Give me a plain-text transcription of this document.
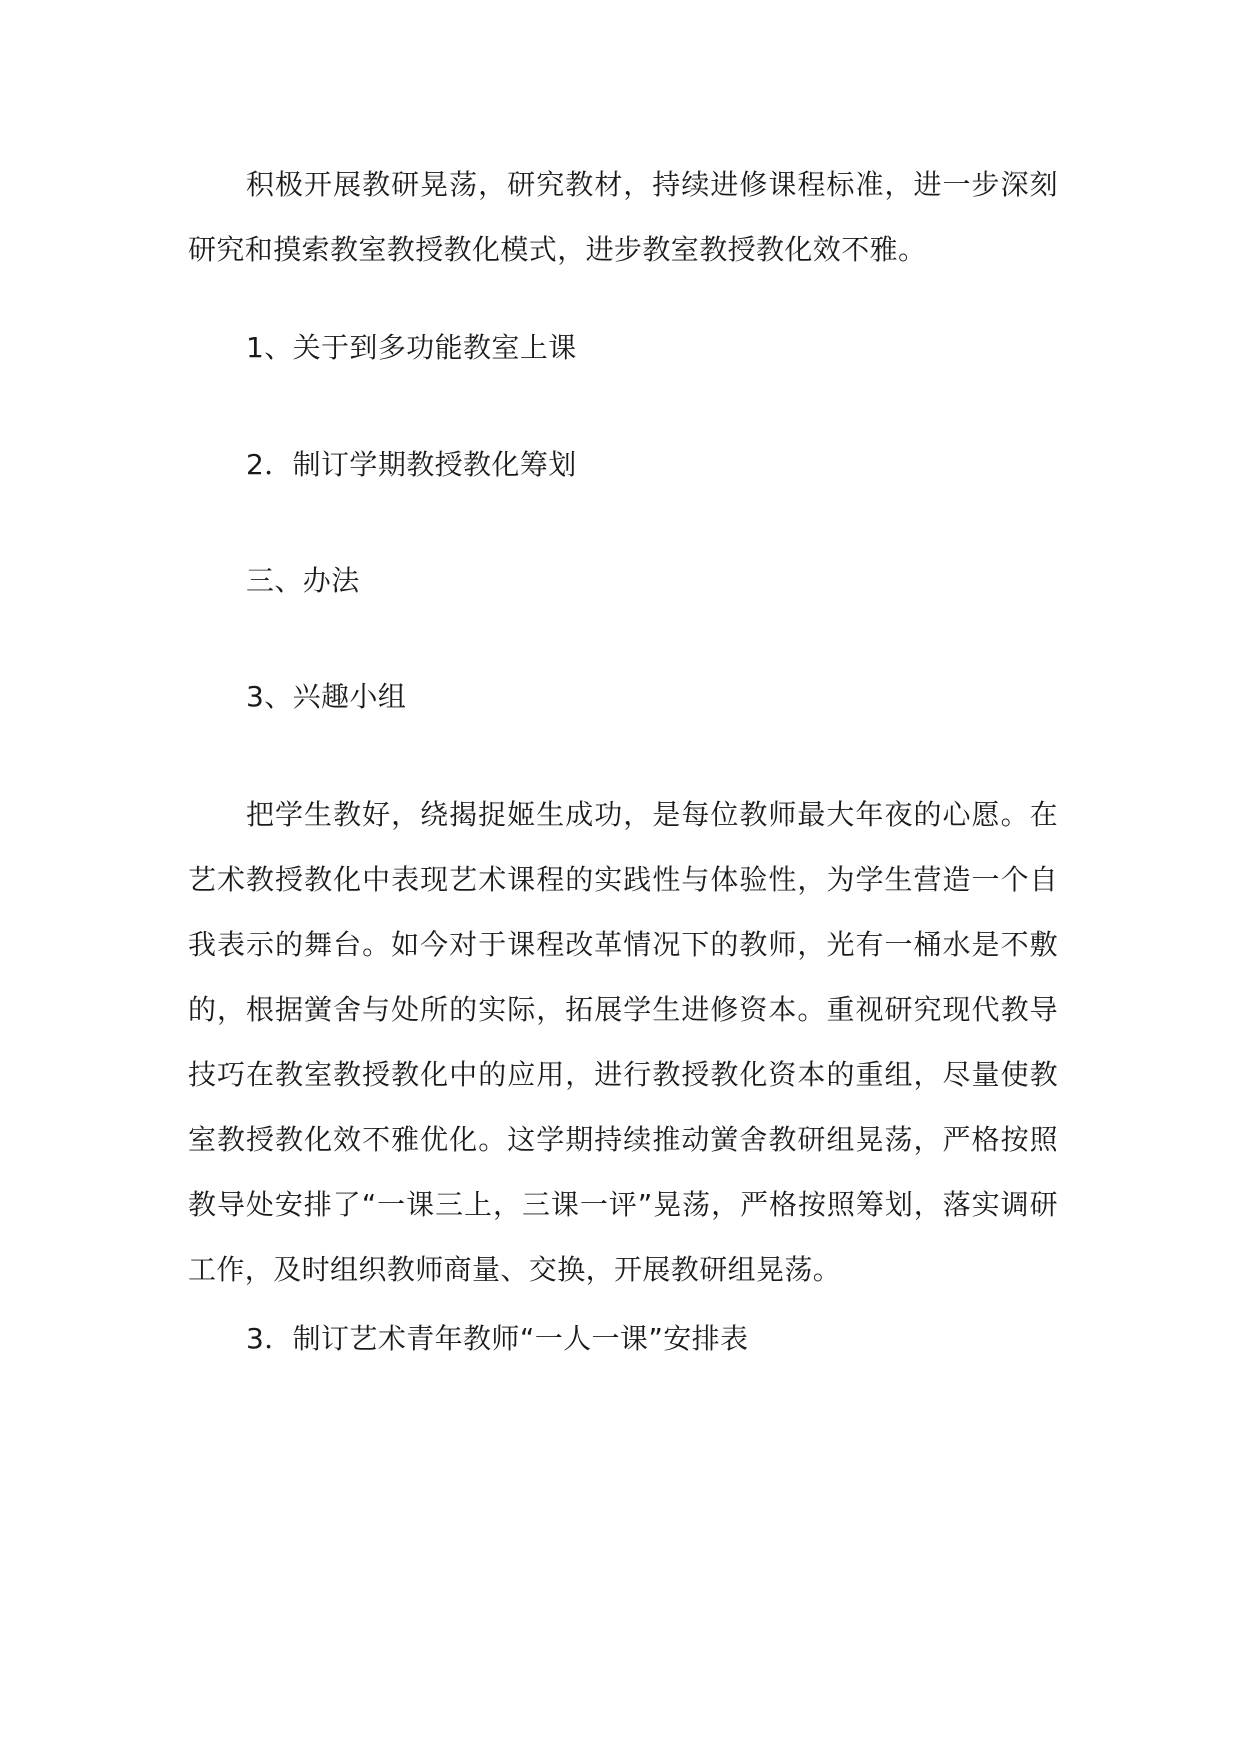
积极开展教研晃荡，研究教材，持续进修课程标准，进一步深刻研究和摸索教室教授教化模式，进步教室教授教化效不雅。

1、关于到多功能教室上课

2．制订学期教授教化筹划

三、办法

3、兴趣小组

把学生教好，绕揭捉姬生成功，是每位教师最大年夜的心愿。在艺术教授教化中表现艺术课程的实践性与体验性，为学生营造一个自我表示的舞台。如今对于课程改革情况下的教师，光有一桶水是不敷的，根据黉舍与处所的实际，拓展学生进修资本。重视研究现代教导技巧在教室教授教化中的应用，进行教授教化资本的重组，尽量使教室教授教化效不雅优化。这学期持续推动黉舍教研组晃荡，严格按照教导处安排了“一课三上，三课一评”晃荡，严格按照筹划，落实调研工作，及时组织教师商量、交换，开展教研组晃荡。

3．制订艺术青年教师“一人一课”安排表
